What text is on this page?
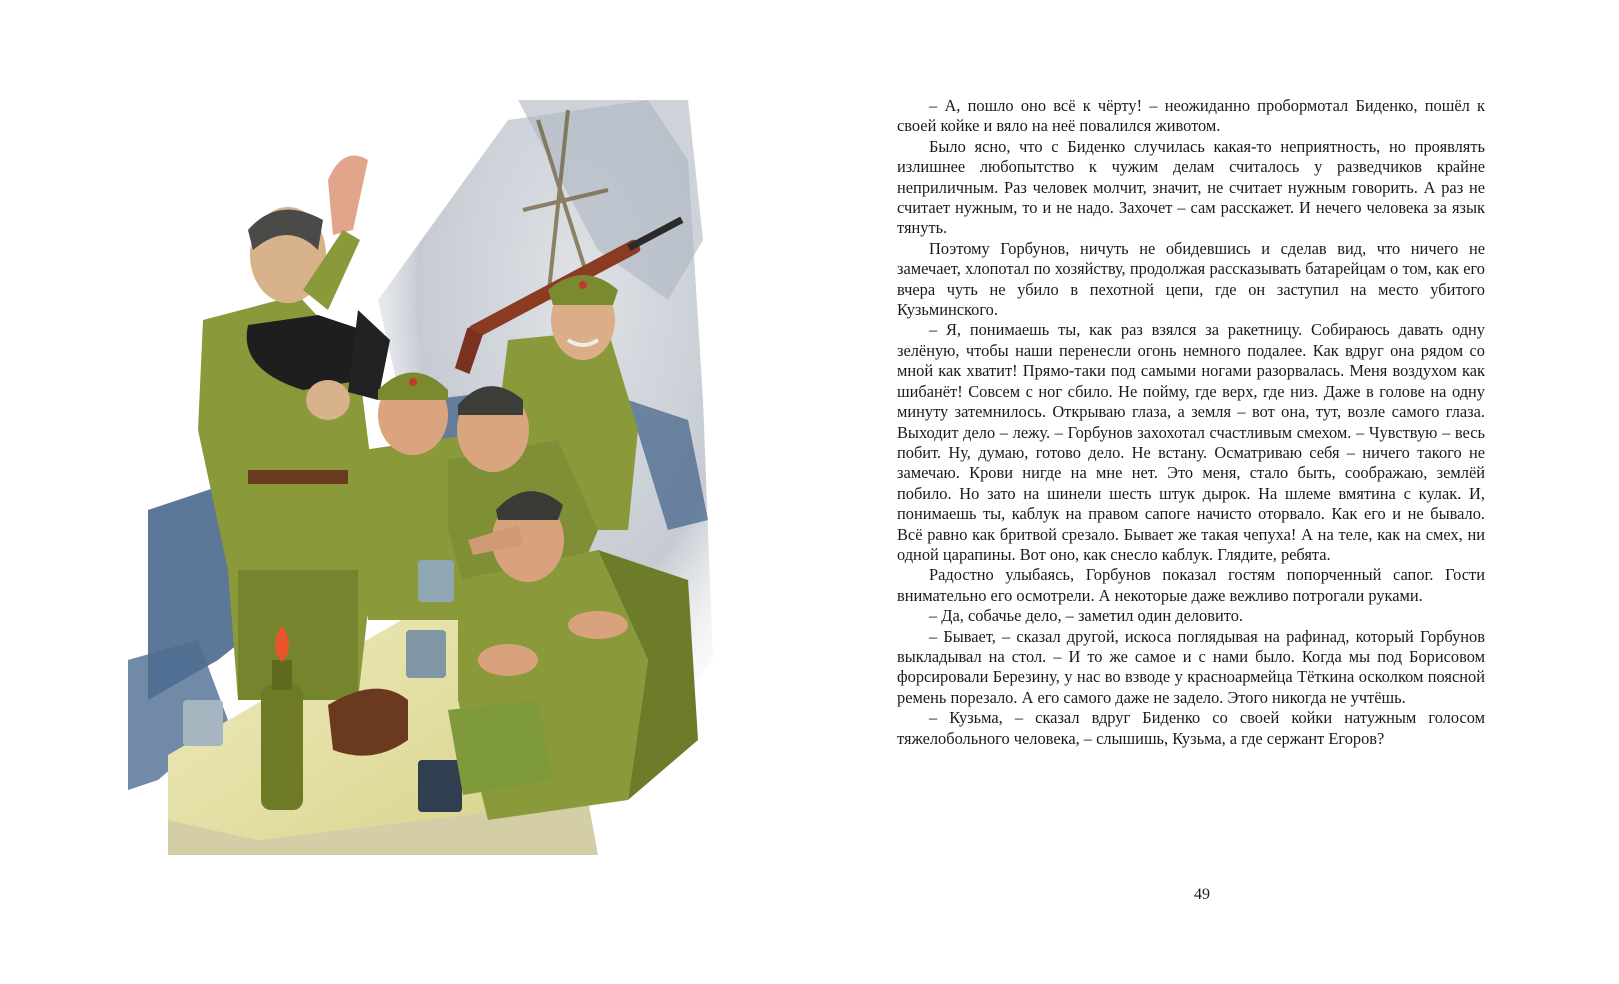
– А, пошло оно всё к чёрту! – неожиданно пробормотал Биденко, пошёл к своей койке и вяло на неё повалился животом.

Было ясно, что с Биденко случилась какая-то неприятность, но проявлять излишнее любопытство к чужим делам считалось у разведчиков крайне неприличным. Раз человек молчит, значит, не считает нужным говорить. А раз не считает нужным, то и не надо. Захочет – сам расскажет. И нечего человека за язык тянуть.

Поэтому Горбунов, ничуть не обидевшись и сделав вид, что ничего не замечает, хлопотал по хозяйству, продолжая рассказывать батарейцам о том, как его вчера чуть не убило в пехотной цепи, где он заступил на место убитого Кузьминского.

– Я, понимаешь ты, как раз взялся за ракетницу. Собираюсь давать одну зелёную, чтобы наши перенесли огонь немного подалее. Как вдруг она рядом со мной как хватит! Прямо-таки под самыми ногами разорвалась. Меня воздухом как шибанёт! Совсем с ног сбило. Не пойму, где верх, где низ. Даже в голове на одну минуту затемнилось. Открываю глаза, а земля – вот она, тут, возле самого глаза. Выходит дело – лежу. – Горбунов захохотал счастливым смехом. – Чувствую – весь побит. Ну, думаю, готово дело. Не встану. Осматриваю себя – ничего такого не замечаю. Крови нигде на мне нет. Это меня, стало быть, соображаю, землёй побило. Но зато на шинели шесть штук дырок. На шлеме вмятина с кулак. И, понимаешь ты, каблук на правом сапоге начисто оторвало. Как его и не бывало. Всё равно как бритвой срезало. Бывает же такая чепуха! А на теле, как на смех, ни одной царапины. Вот оно, как снесло каблук. Глядите, ребята.

Радостно улыбаясь, Горбунов показал гостям попорченный сапог. Гости внимательно его осмотрели. А некоторые даже вежливо потрогали руками.

– Да, собачье дело, – заметил один деловито.

– Бывает, – сказал другой, искоса поглядывая на рафинад, который Горбунов выкладывал на стол. – И то же самое и с нами было. Когда мы под Борисовом форсировали Березину, у нас во взводе у красноармейца Тёткина осколком поясной ремень порезало. А его самого даже не задело. Этого никогда не учтёшь.

– Кузьма, – сказал вдруг Биденко со своей койки натужным голосом тяжелобольного человека, – слышишь, Кузьма, а где сержант Егоров?

49
